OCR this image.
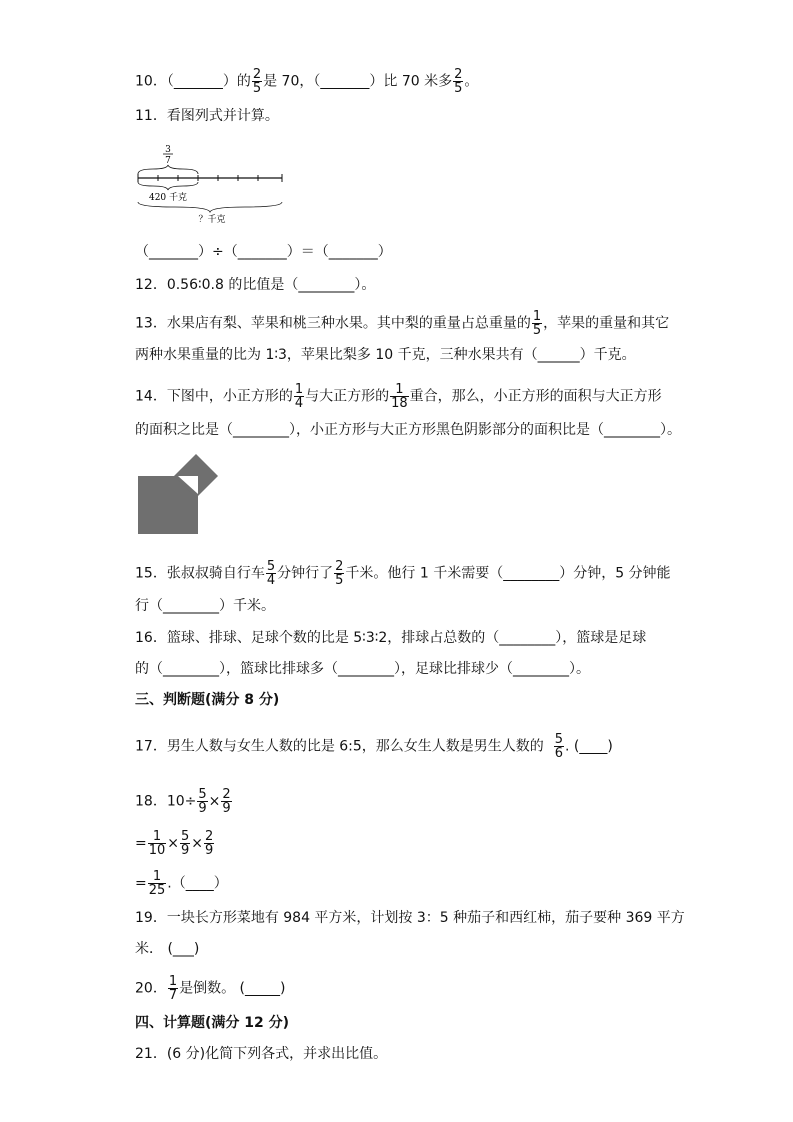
10．（_______）的 $\frac{2}{5}$ 是 70，（_______）比 70 米多 $\frac{2}{5}$ 。
11．看图列式并计算。
3
7
420 千克
？千克
（_______）÷（_______）＝（_______）
12．0.56∶0.8 的比值是（________）。
13．水果店有梨、苹果和桃三种水果。其中梨的重量占总重量的 $\frac{1}{5}$ ，苹果的重量和其它
两种水果重量的比为 1∶3，苹果比梨多 10 千克，三种水果共有（______）千克。
14．下图中，小正方形的 $\frac{1}{4}$ 与大正方形的 $\frac{1}{18}$ 重合，那么，小正方形的面积与大正方形
的面积之比是（________），小正方形与大正方形黑色阴影部分的面积比是（________）。
15．张叔叔骑自行车 $\frac{5}{4}$ 分钟行了 $\frac{2}{5}$ 千米。他行 1 千米需要（________）分钟，5 分钟能
行（________）千米。
16．篮球、排球、足球个数的比是 5∶3∶2，排球占总数的（________），篮球是足球
的（________），篮球比排球多（________），足球比排球少（________）。
三、判断题(满分 8 分)
17．男生人数与女生人数的比是 6:5，那么女生人数是男生人数的 $\frac{5}{6}$ . (____)
18．$10\div \frac{5}{9} \times \frac{2}{9}$
= $\frac{1}{10} \times \frac{5}{9} \times \frac{2}{9}$
= $\frac{1}{25}$ .（____）
19．一块长方形菜地有 984 平方米，计划按 3：5 种茄子和西红柿，茄子要种 369 平方
米． (___)
20． $\frac{1}{7}$ 是倒数。 (_____)
四、计算题(满分 12 分)
21．(6 分)化简下列各式，并求出比值。
